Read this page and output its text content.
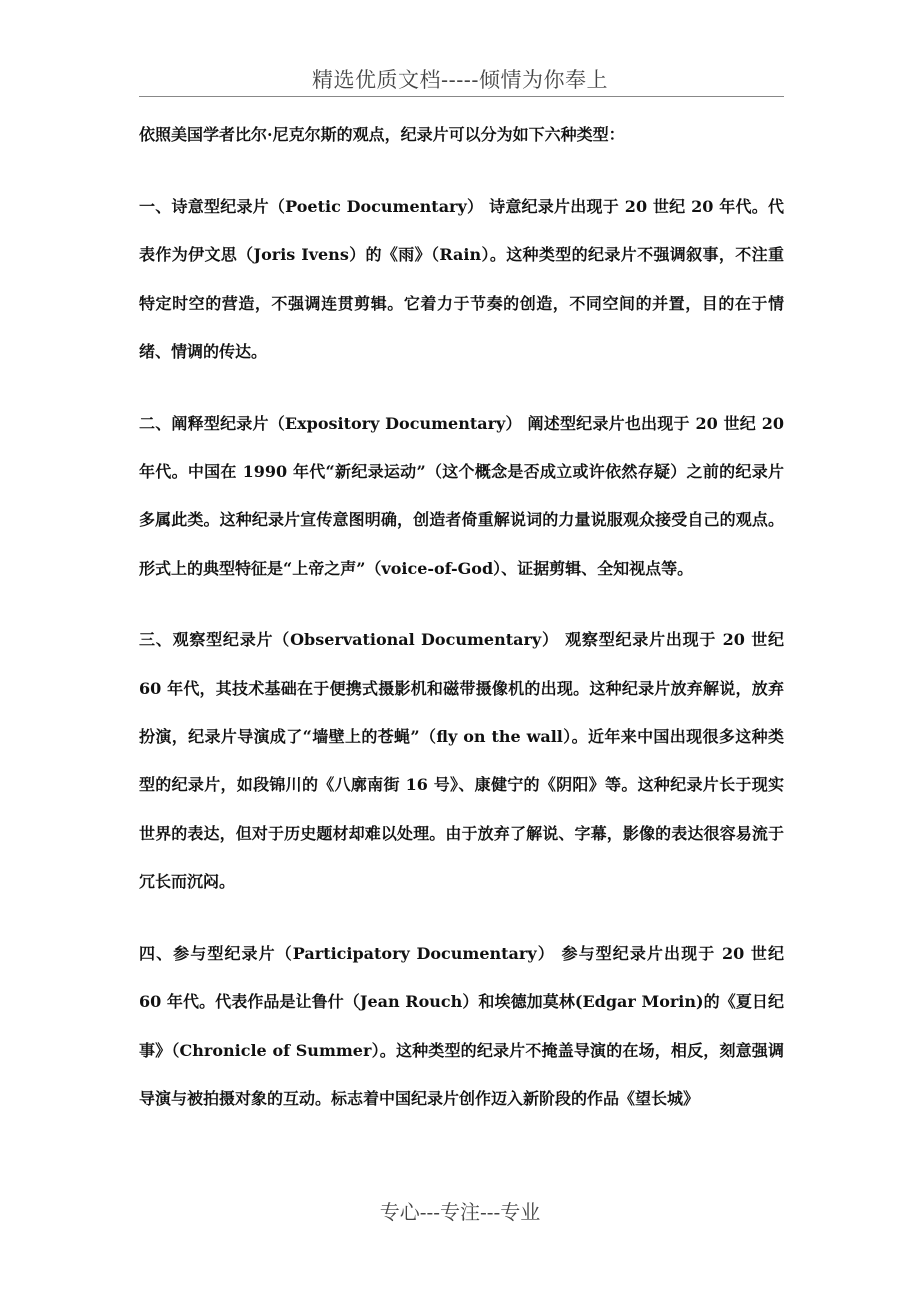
精选优质文档-----倾情为你奉上

依照美国学者比尔·尼克尔斯的观点，纪录片可以分为如下六种类型：

一、诗意型纪录片（Poetic Documentary） 诗意纪录片出现于 20 世纪 20 年代。代表作为伊文思（Joris Ivens）的《雨》（Rain）。这种类型的纪录片不强调叙事，不注重特定时空的营造，不强调连贯剪辑。它着力于节奏的创造，不同空间的并置，目的在于情绪、情调的传达。

二、阐释型纪录片（Expository Documentary） 阐述型纪录片也出现于 20 世纪 20 年代。中国在 1990 年代“新纪录运动”（这个概念是否成立或许依然存疑）之前的纪录片多属此类。这种纪录片宣传意图明确，创造者倚重解说词的力量说服观众接受自己的观点。形式上的典型特征是“上帝之声”（voice-of-God）、证据剪辑、全知视点等。

三、观察型纪录片（Observational Documentary） 观察型纪录片出现于 20 世纪 60 年代，其技术基础在于便携式摄影机和磁带摄像机的出现。这种纪录片放弃解说，放弃扮演，纪录片导演成了“墙壁上的苍蝇”（fly on the wall）。近年来中国出现很多这种类型的纪录片，如段锦川的《八廓南街 16 号》、康健宁的《阴阳》等。这种纪录片长于现实世界的表达，但对于历史题材却难以处理。由于放弃了解说、字幕，影像的表达很容易流于冗长而沉闷。

四、参与型纪录片（Participatory Documentary） 参与型纪录片出现于 20 世纪 60 年代。代表作品是让鲁什（Jean Rouch）和埃德加莫林(Edgar Morin)的《夏日纪事》（Chronicle of Summer）。这种类型的纪录片不掩盖导演的在场，相反，刻意强调导演与被拍摄对象的互动。标志着中国纪录片创作迈入新阶段的作品《望长城》

专心---专注---专业
